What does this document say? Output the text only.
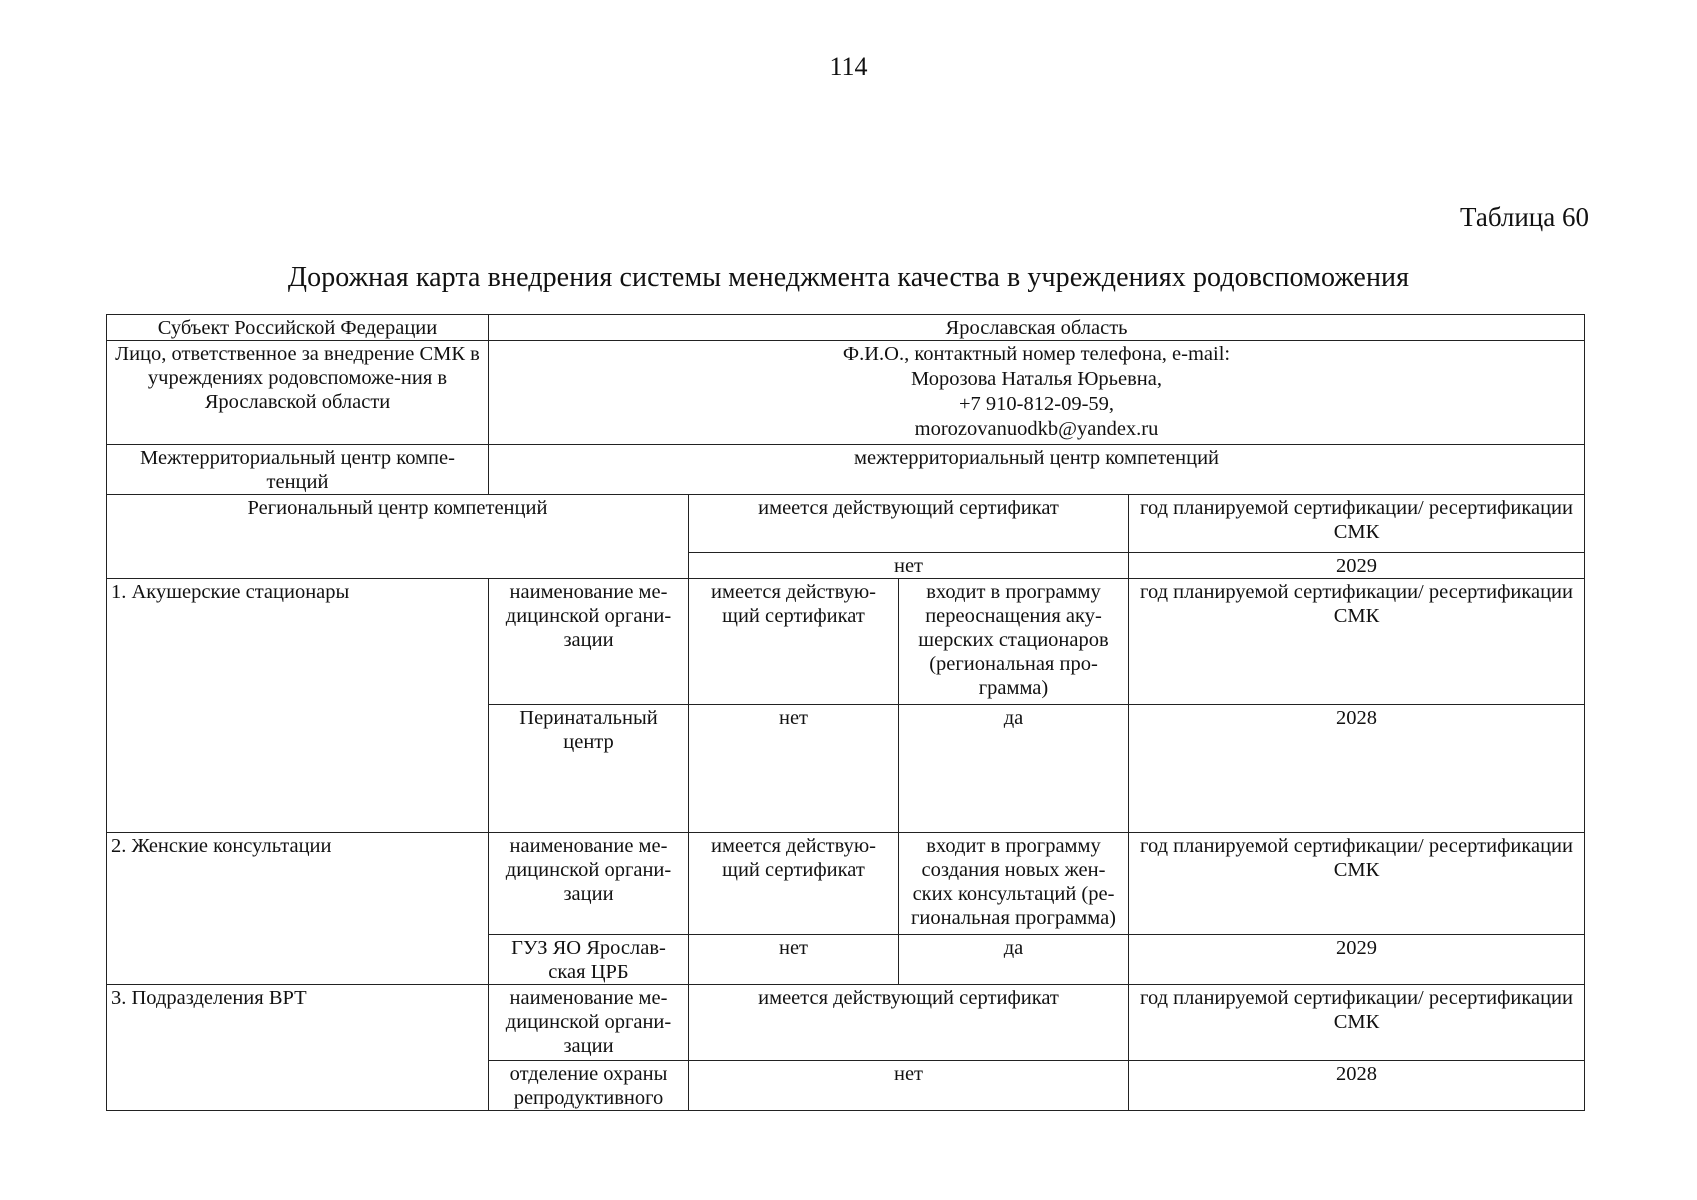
114
Таблица 60
Дорожная карта внедрения системы менеджмента качества в учреждениях родовспоможения
Субъект Российской Федерации	Ярославская область			
Лицо, ответственное за внедрение СМК в учреждениях родовспоможе-ния в Ярославской области	Ф.И.О., контактный номер телефона, e-mail:
Морозова Наталья Юрьевна,
+7 910-812-09-59,
morozovanuodkb@yandex.ru			

Межтерриториальный центр компе-тенций	межтерриториальный центр компетенций			
Региональный центр компетенций		имеется действующий сертификат		год планируемой сертификации/ ресертификации СМК
		нет		2029
1. Акушерские стационары	наименование ме-дицинской органи-зации	имеется действую-щий сертификат	входит в программу переоснащения аку-шерских стационаров (региональная про-грамма)	год планируемой сертификации/ ресертификации СМК
	Перинатальный центр	нет	да	2028
2. Женские консультации	наименование ме-дицинской органи-зации	имеется действую-щий сертификат	входит в программу создания новых жен-ских консультаций (ре-гиональная программа)	год планируемой сертификации/ ресертификации СМК
	ГУЗ ЯО Ярослав-ская ЦРБ	нет	да	2029
3. Подразделения ВРТ	наименование ме-дицинской органи-зации	имеется действующий сертификат		год планируемой сертификации/ ресертификации СМК
	отделение охраны репродуктивного	нет		2028
